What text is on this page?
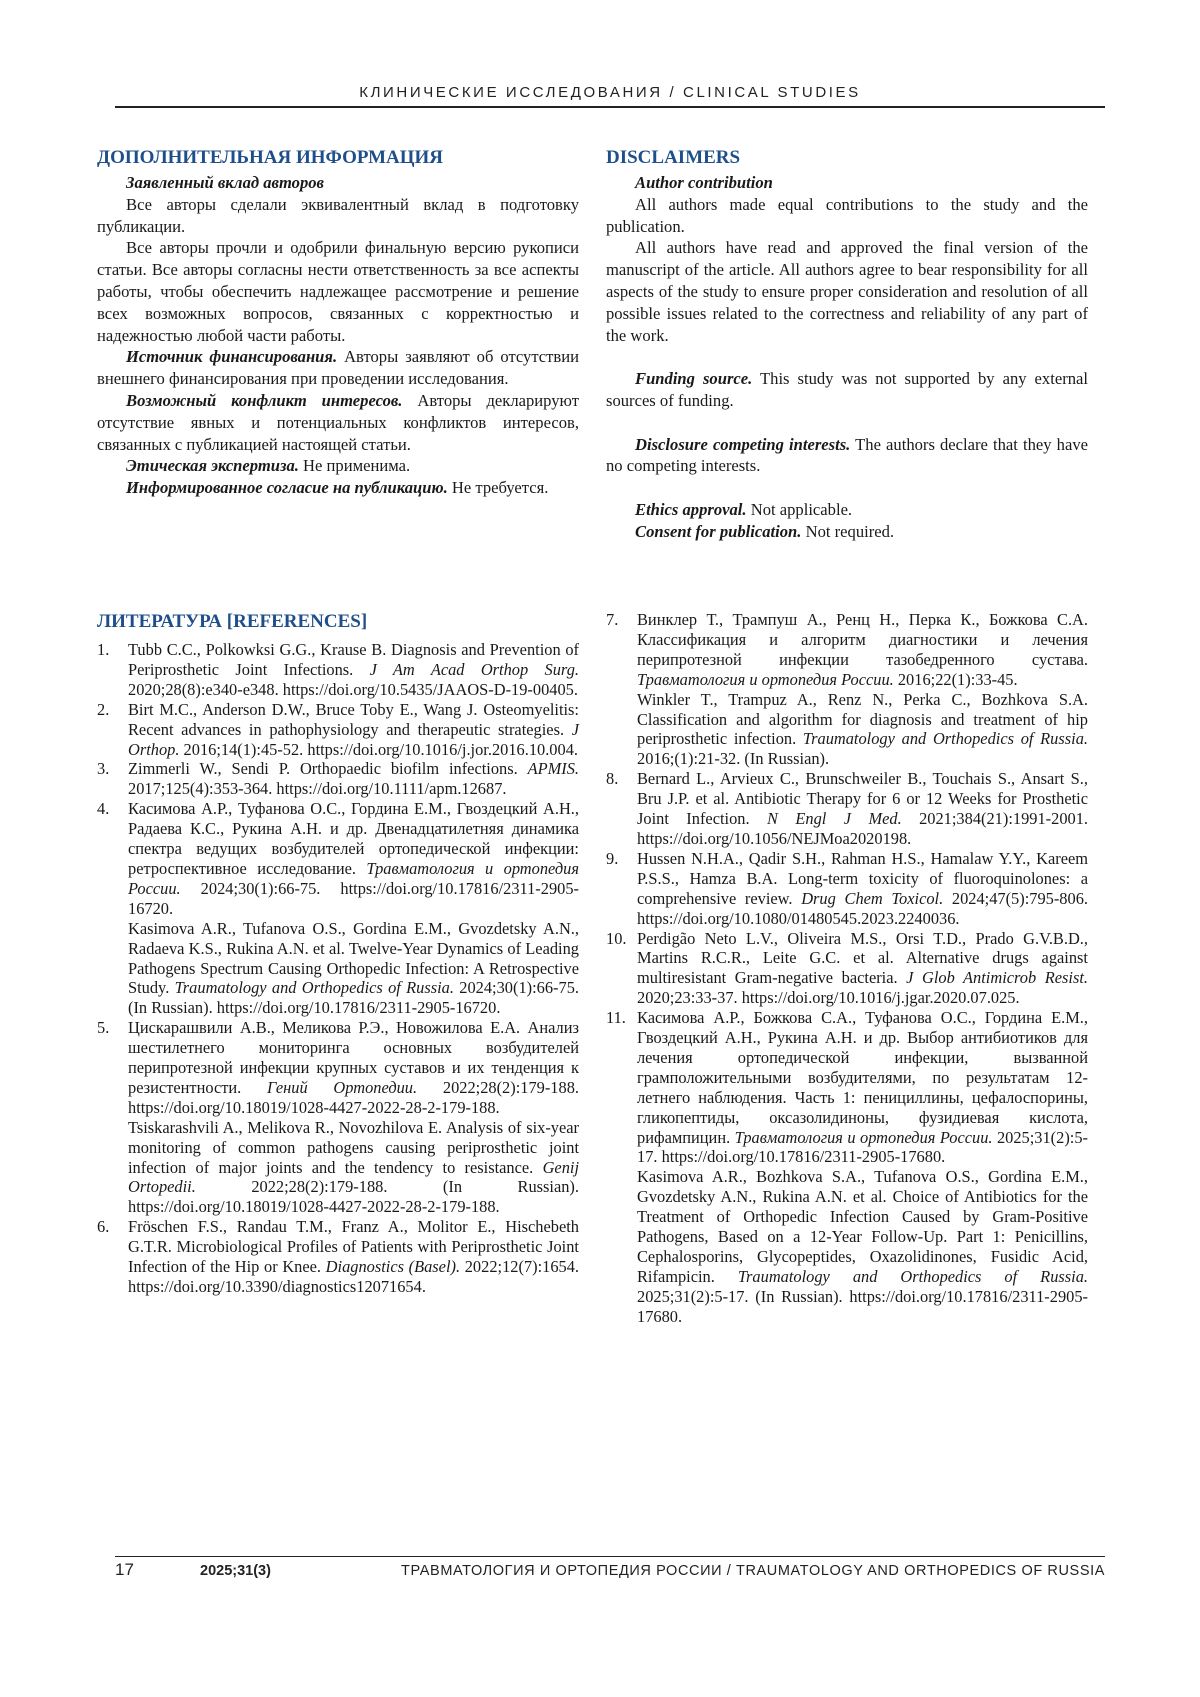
КЛИНИЧЕСКИЕ ИССЛЕДОВАНИЯ / CLINICAL STUDIES
ДОПОЛНИТЕЛЬНАЯ ИНФОРМАЦИЯ

Заявленный вклад авторов

Все авторы сделали эквивалентный вклад в подготовку публикации.

Все авторы прочли и одобрили финальную версию рукописи статьи. Все авторы согласны нести ответственность за все аспекты работы, чтобы обеспечить надлежащее рассмотрение и решение всех возможных вопросов, связанных с корректностью и надежностью любой части работы.

Источник финансирования. Авторы заявляют об отсутствии внешнего финансирования при проведении исследования.

Возможный конфликт интересов. Авторы декларируют отсутствие явных и потенциальных конфликтов интересов, связанных с публикацией настоящей статьи.

Этическая экспертиза. Не применима.

Информированное согласие на публикацию. Не требуется.

DISCLAIMERS

Author contribution

All authors made equal contributions to the study and the publication.

All authors have read and approved the final version of the manuscript of the article. All authors agree to bear responsibility for all aspects of the study to ensure proper consideration and resolution of all possible issues related to the correctness and reliability of any part of the work.

Funding source. This study was not supported by any external sources of funding.

Disclosure competing interests. The authors declare that they have no competing interests.

Ethics approval. Not applicable.

Consent for publication. Not required.

ЛИТЕРАТУРА [REFERENCES]
1.	Tubb C.C., Polkowksi G.G., Krause B. Diagnosis and Prevention of Periprosthetic Joint Infections. J Am Acad Orthop Surg. 2020;28(8):e340-e348. https://doi.org/10.5435/JAAOS-D-19-00405.

2.	Birt M.C., Anderson D.W., Bruce Toby E., Wang J. Osteomyelitis: Recent advances in pathophysiology and therapeutic strategies. J Orthop. 2016;14(1):45-52. https://doi.org/10.1016/j.jor.2016.10.004.

3.	Zimmerli W., Sendi P. Orthopaedic biofilm infections. APMIS. 2017;125(4):353-364. https://doi.org/10.1111/apm.12687.

4.	Касимова А.Р., Туфанова О.С., Гордина Е.М., Гвоздецкий А.Н., Радаева К.С., Рукина А.Н. и др. Двенадцатилетняя динамика спектра ведущих возбудителей ортопедической инфекции: ретроспективное исследование. Травматология и ортопедия России. 2024;30(1):66-75. https://doi.org/10.17816/2311-2905-16720.

Kasimova A.R., Tufanova O.S., Gordina E.M., Gvozdetsky A.N., Radaeva K.S., Rukina A.N. et al. Twelve-Year Dynamics of Leading Pathogens Spectrum Causing Orthopedic Infection: A Retrospective Study. Traumatology and Orthopedics of Russia. 2024;30(1):66-75. (In Russian). https://doi.org/10.17816/2311-2905-16720.

5.	Цискарашвили А.В., Меликова Р.Э., Новожилова Е.А. Анализ шестилетнего мониторинга основных возбудителей перипротезной инфекции крупных суставов и их тенденция к резистентности. Гений Ортопедии. 2022;28(2):179-188. https://doi.org/10.18019/1028-4427-2022-28-2-179-188.

Tsiskarashvili A., Melikova R., Novozhilova E. Analysis of six-year monitoring of common pathogens causing periprosthetic joint infection of major joints and the tendency to resistance. Genij Ortopedii. 2022;28(2):179-188. (In Russian). https://doi.org/10.18019/1028-4427-2022-28-2-179-188.

6.	Fröschen F.S., Randau T.M., Franz A., Molitor E., Hischebeth G.T.R. Microbiological Profiles of Patients with Periprosthetic Joint Infection of the Hip or Knee. Diagnostics (Basel). 2022;12(7):1654. https://doi.org/10.3390/diagnostics12071654.

7.	Винклер Т., Трампуш А., Ренц Н., Перка К., Божкова С.А. Классификация и алгоритм диагностики и лечения перипротезной инфекции тазобедренного сустава. Травматология и ортопедия России. 2016;22(1):33-45.

Winkler T., Trampuz A., Renz N., Perka C., Bozhkova S.A. Classification and algorithm for diagnosis and treatment of hip periprosthetic infection. Traumatology and Orthopedics of Russia. 2016;(1):21-32. (In Russian).

8.	Bernard L., Arvieux C., Brunschweiler B., Touchais S., Ansart S., Bru J.P. et al. Antibiotic Therapy for 6 or 12 Weeks for Prosthetic Joint Infection. N Engl J Med. 2021;384(21):1991-2001. https://doi.org/10.1056/NEJMoa2020198.

9.	Hussen N.H.A., Qadir S.H., Rahman H.S., Hamalaw Y.Y., Kareem P.S.S., Hamza B.A. Long-term toxicity of fluoroquinolones: a comprehensive review. Drug Chem Toxicol. 2024;47(5):795-806. https://doi.org/10.1080/01480545.2023.2240036.

10. Perdigão Neto L.V., Oliveira M.S., Orsi T.D., Prado G.V.B.D., Martins R.C.R., Leite G.C. et al. Alternative drugs against multiresistant Gram-negative bacteria. J Glob Antimicrob Resist. 2020;23:33-37. https://doi.org/10.1016/j.jgar.2020.07.025.

11. Касимова А.Р., Божкова С.А., Туфанова О.С., Гордина Е.М., Гвоздецкий А.Н., Рукина А.Н. и др. Выбор антибиотиков для лечения ортопедической инфекции, вызванной грамположительными возбудителями, по результатам 12-летнего наблюдения. Часть 1: пенициллины, цефалоспорины, гликопептиды, оксазолидиноны, фузидиевая кислота, рифампицин. Травматология и ортопедия России. 2025;31(2):5-17. https://doi.org/10.17816/2311-2905-17680.

Kasimova A.R., Bozhkova S.A., Tufanova O.S., Gordina E.M., Gvozdetsky A.N., Rukina A.N. et al. Choice of Antibiotics for the Treatment of Orthopedic Infection Caused by Gram-Positive Pathogens, Based on a 12-Year Follow-Up. Part 1: Penicillins, Cephalosporins, Glycopeptides, Oxazolidinones, Fusidic Acid, Rifampicin. Traumatology and Orthopedics of Russia. 2025;31(2):5-17. (In Russian). https://doi.org/10.17816/2311-2905-17680.

17	2025;31(3)	ТРАВМАТОЛОГИЯ И ОРТОПЕДИЯ РОССИИ / TRAUMATOLOGY AND ORTHOPEDICS OF RUSSIA
